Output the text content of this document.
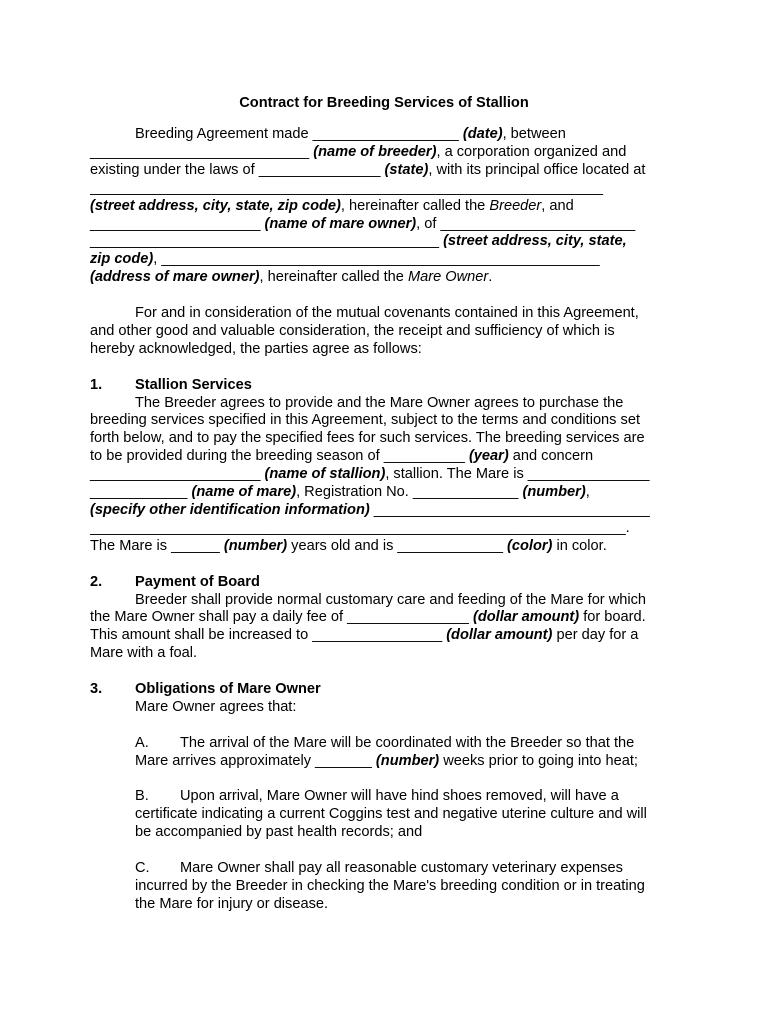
Contract for Breeding Services of Stallion

Breeding Agreement made __________________ (date), between

___________________________ (name of breeder), a corporation organized and

existing under the laws of _______________ (state), with its principal office located at

__________________________________________________________________

(street address, city, state, zip code), hereinafter called the Breeder, and

_____________________ (name of mare owner), of ________________________

___________________________________________ (street address, city, state,

zip code), ______________________________________________________

(address of mare owner), hereinafter called the Mare Owner.

For and in consideration of the mutual covenants contained in this Agreement,

and other good and valuable consideration, the receipt and sufficiency of which is

hereby acknowledged, the parties agree as follows:

1.	Stallion Services

The Breeder agrees to provide and the Mare Owner agrees to purchase the

breeding services specified in this Agreement, subject to the terms and conditions set

forth below, and to pay the specified fees for such services. The breeding services are

to be provided during the breeding season of __________ (year) and concern

_____________________ (name of stallion), stallion. The Mare is _______________

____________ (name of mare), Registration No. _____________ (number),

(specify other identification information) __________________________________

__________________________________________________________________.

The Mare is ______ (number) years old and is _____________ (color) in color.

2.	Payment of Board

Breeder shall provide normal customary care and feeding of the Mare for which

the Mare Owner shall pay a daily fee of _______________ (dollar amount) for board.

This amount shall be increased to ________________ (dollar amount) per day for a

Mare with a foal.

3.	Obligations of Mare Owner

Mare Owner agrees that:

A. The arrival of the Mare will be coordinated with the Breeder so that the

Mare arrives approximately _______ (number) weeks prior to going into heat;

B. Upon arrival, Mare Owner will have hind shoes removed, will have a

certificate indicating a current Coggins test and negative uterine culture and will

be accompanied by past health records; and

C. Mare Owner shall pay all reasonable customary veterinary expenses

incurred by the Breeder in checking the Mare's breeding condition or in treating

the Mare for injury or disease.
